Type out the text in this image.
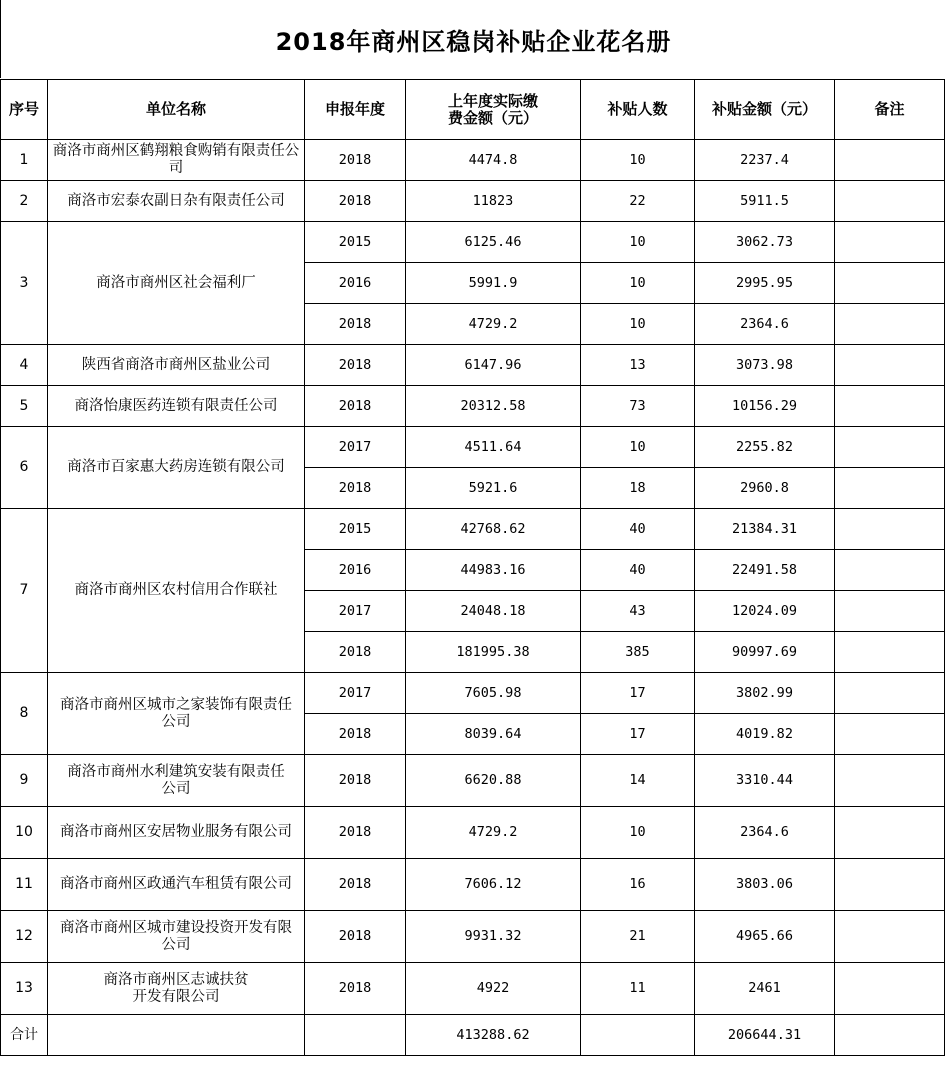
2018年商州区稳岗补贴企业花名册
序号	单位名称	申报年度	上年度实际缴费金额（元）	补贴人数	补贴金额（元）	备注
1	商洛市商州区鹤翔粮食购销有限责任公司	2018	4474.8	10	2237.4	
2	商洛市宏泰农副日杂有限责任公司	2018	11823	22	5911.5	
3	商洛市商州区社会福利厂	2015	6125.46	10	3062.73	
		2016	5991.9	10	2995.95	
		2018	4729.2	10	2364.6	
4	陕西省商洛市商州区盐业公司	2018	6147.96	13	3073.98	
5	商洛怡康医药连锁有限责任公司	2018	20312.58	73	10156.29	
6	商洛市百家惠大药房连锁有限公司	2017	4511.64	10	2255.82	
		2018	5921.6	18	2960.8	
7	商洛市商州区农村信用合作联社	2015	42768.62	40	21384.31	
		2016	44983.16	40	22491.58	
		2017	24048.18	43	12024.09	
		2018	181995.38	385	90997.69	
8	商洛市商州区城市之家装饰有限责任公司	2017	7605.98	17	3802.99	
		2018	8039.64	17	4019.82	
9	商洛市商州水利建筑安装有限责任公司	2018	6620.88	14	3310.44	
10	商洛市商州区安居物业服务有限公司	2018	4729.2	10	2364.6	
11	商洛市商州区政通汽车租赁有限公司	2018	7606.12	16	3803.06	
12	商洛市商州区城市建设投资开发有限公司	2018	9931.32	21	4965.66	
13	商洛市商州区志诚扶贫开发有限公司	2018	4922	11	2461	
合计			413288.62		206644.31	
